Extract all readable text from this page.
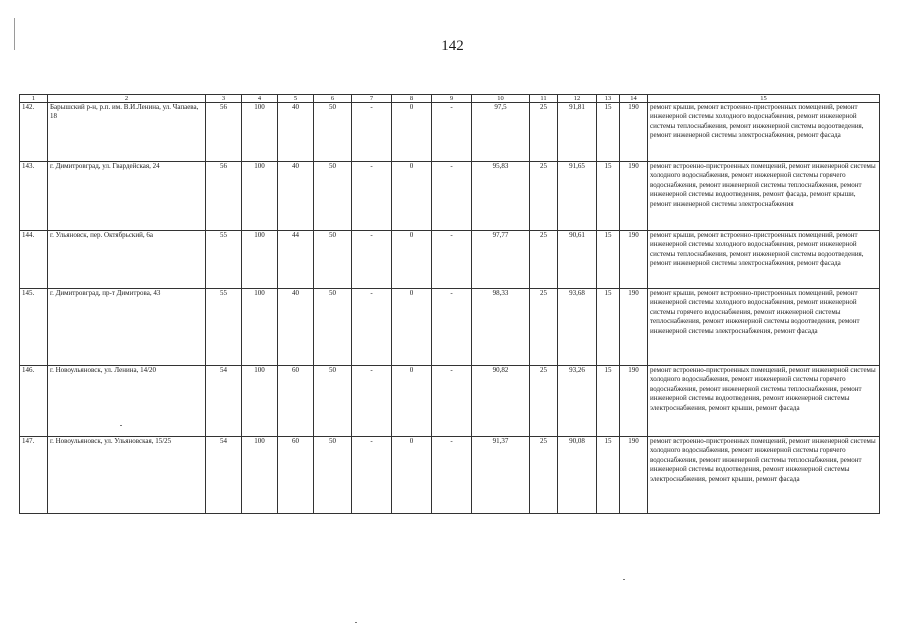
142
1	2	3	4	5	6	7	8	9	10	11	12	13	14	15
142.	Барышский р-н, р.п. им. В.И.Ленина, ул. Чапаева, 18	56	100	40	50	-	0	-	97,5	25	91,81	15	190	ремонт крыши, ремонт встроенно-пристроенных помещений, ремонт инженерной системы холодного водоснабжения, ремонт инженерной системы теплоснабжения, ремонт инженерной системы водоотведения, ремонт инженерной системы электроснабжения, ремонт фасада
143.	г. Димитровград, ул. Гвардейская, 24	56	100	40	50	-	0	-	95,83	25	91,65	15	190	ремонт встроенно-пристроенных помещений, ремонт инженерной системы холодного водоснабжения, ремонт инженерной системы горячего водоснабжения, ремонт инженерной системы теплоснабжения, ремонт инженерной системы водоотведения, ремонт фасада, ремонт крыши, ремонт инженерной системы электроснабжения
144.	г. Ульяновск, пер. Октябрьский, 6а	55	100	44	50	-	0	-	97,77	25	90,61	15	190	ремонт крыши, ремонт встроенно-пристроенных помещений, ремонт инженерной системы холодного водоснабжения, ремонт инженерной системы теплоснабжения, ремонт инженерной системы водоотведения, ремонт инженерной системы электроснабжения, ремонт фасада
145.	г. Димитровград, пр-т Димитрова, 43	55	100	40	50	-	0	-	98,33	25	93,68	15	190	ремонт крыши, ремонт встроенно-пристроенных помещений, ремонт инженерной системы холодного водоснабжения, ремонт инженерной системы горячего водоснабжения, ремонт инженерной системы теплоснабжения, ремонт инженерной системы водоотведения, ремонт инженерной системы электроснабжения, ремонт фасада
146.	г. Новоульяновск, ул. Ленина, 14/20	54	100	60	50	-	0	-	90,82	25	93,26	15	190	ремонт встроенно-пристроенных помещений, ремонт инженерной системы холодного водоснабжения, ремонт инженерной системы горячего водоснабжения, ремонт инженерной системы теплоснабжения, ремонт инженерной системы водоотведения, ремонт инженерной системы электроснабжения, ремонт крыши, ремонт фасада
147.	г. Новоульяновск, ул. Ульяновская, 15/25	54	100	60	50	-	0	-	91,37	25	90,08	15	190	ремонт встроенно-пристроенных помещений, ремонт инженерной системы холодного водоснабжения, ремонт инженерной системы горячего водоснабжения, ремонт инженерной системы теплоснабжения, ремонт инженерной системы водоотведения, ремонт инженерной системы электроснабжения, ремонт крыши, ремонт фасада
